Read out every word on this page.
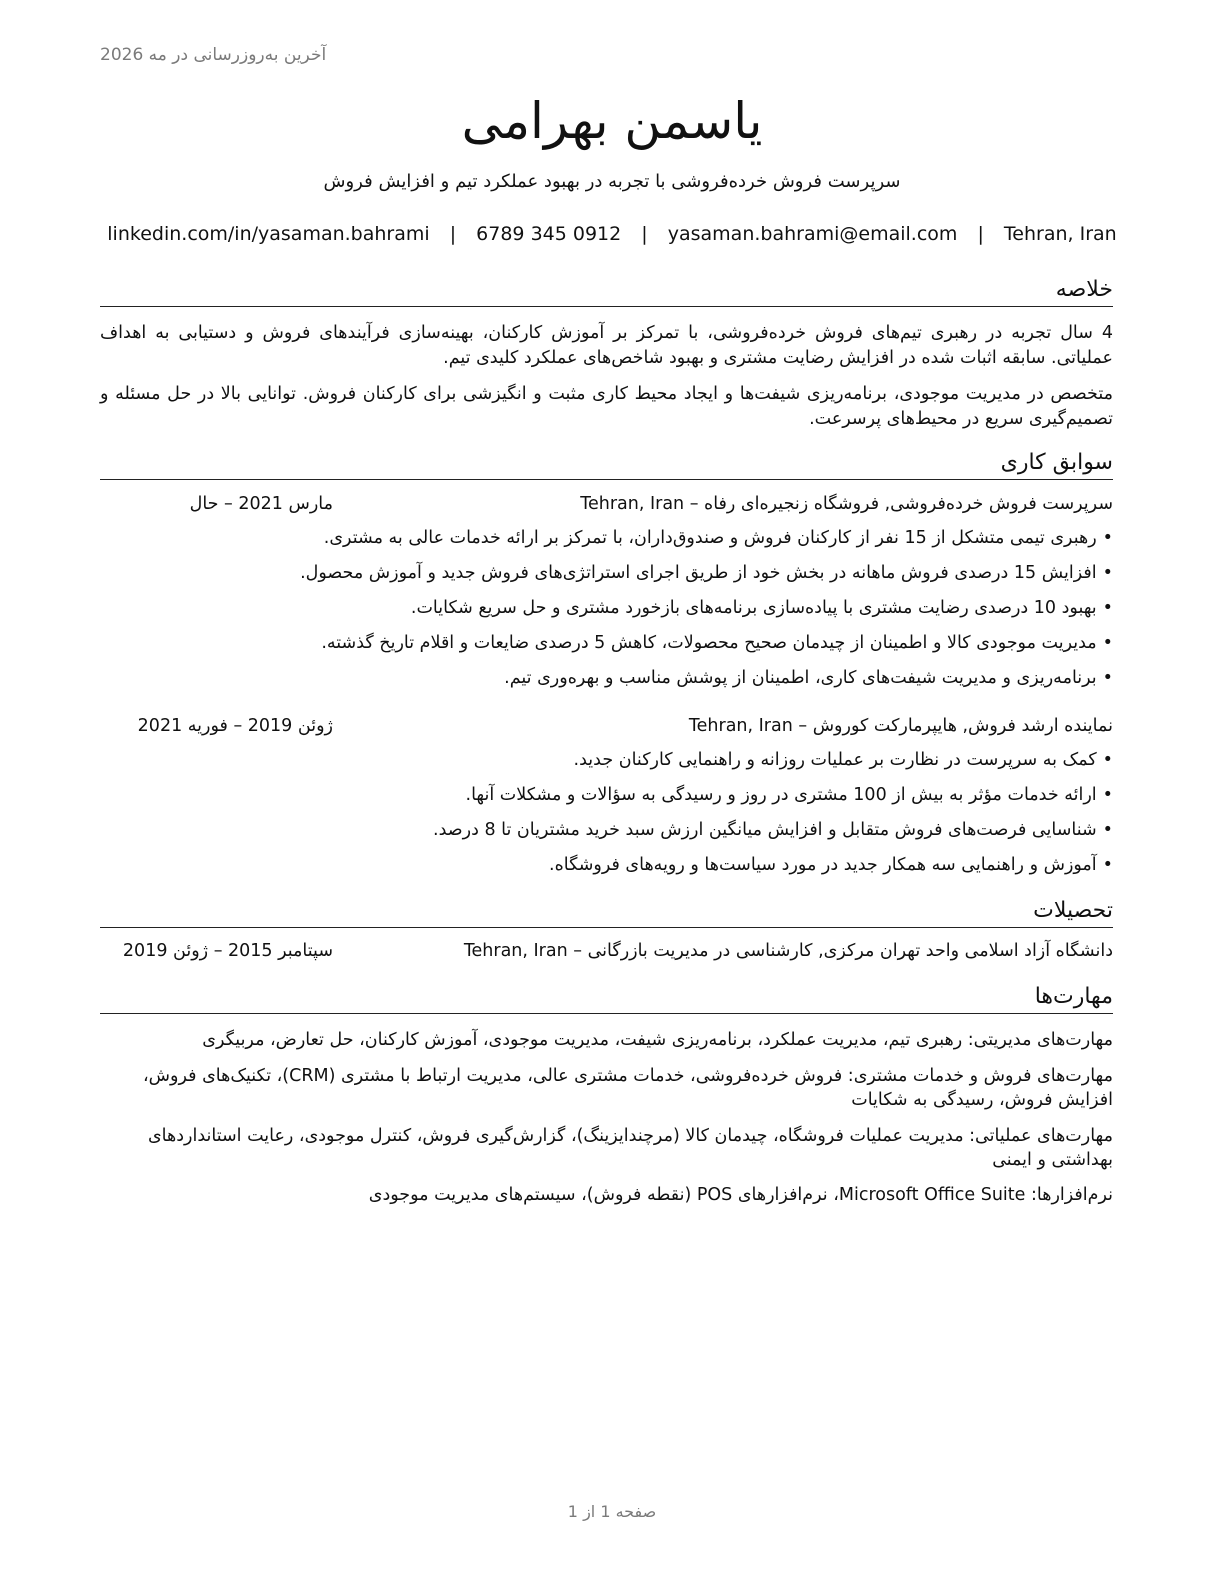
آخرین به‌روزرسانی در مه 2026
یاسمن بهرامی
سرپرست فروش خرده‌فروشی با تجربه در بهبود عملکرد تیم و افزایش فروش
linkedin.com/in/yasaman.bahrami | 6789 345 0912 | yasaman.bahrami@email.com | Tehran, Iran
خلاصه

4 سال تجربه در رهبری تیم‌های فروش خرده‌فروشی، با تمرکز بر آموزش کارکنان، بهینه‌سازی فرآیندهای فروش و دستیابی به اهداف عملیاتی. سابقه اثبات شده در افزایش رضایت مشتری و بهبود شاخص‌های عملکرد کلیدی تیم.

متخصص در مدیریت موجودی، برنامه‌ریزی شیفت‌ها و ایجاد محیط کاری مثبت و انگیزشی برای کارکنان فروش. توانایی بالا در حل مسئله و تصمیم‌گیری سریع در محیط‌های پرسرعت.

سوابق کاری
سرپرست فروش خرده‌فروشی, فروشگاه زنجیره‌ای رفاه – Tehran, Iran
مارس 2021 – حال
•رهبری تیمی متشکل از 15 نفر از کارکنان فروش و صندوق‌داران، با تمرکز بر ارائه خدمات عالی به مشتری.
•افزایش 15 درصدی فروش ماهانه در بخش خود از طریق اجرای استراتژی‌های فروش جدید و آموزش محصول.
•بهبود 10 درصدی رضایت مشتری با پیاده‌سازی برنامه‌های بازخورد مشتری و حل سریع شکایات.
•مدیریت موجودی کالا و اطمینان از چیدمان صحیح محصولات، کاهش 5 درصدی ضایعات و اقلام تاریخ گذشته.
•برنامه‌ریزی و مدیریت شیفت‌های کاری، اطمینان از پوشش مناسب و بهره‌وری تیم.
نماینده ارشد فروش, هایپرمارکت کوروش – Tehran, Iran
ژوئن 2019 – فوریه 2021
•کمک به سرپرست در نظارت بر عملیات روزانه و راهنمایی کارکنان جدید.
•ارائه خدمات مؤثر به بیش از 100 مشتری در روز و رسیدگی به سؤالات و مشکلات آنها.
•شناسایی فرصت‌های فروش متقابل و افزایش میانگین ارزش سبد خرید مشتریان تا 8 درصد.
•آموزش و راهنمایی سه همکار جدید در مورد سیاست‌ها و رویه‌های فروشگاه.
تحصیلات
دانشگاه آزاد اسلامی واحد تهران مرکزی, کارشناسی در مدیریت بازرگانی – Tehran, Iran
سپتامبر 2015 – ژوئن 2019
مهارت‌ها
مهارت‌های مدیریتی: رهبری تیم، مدیریت عملکرد، برنامه‌ریزی شیفت، مدیریت موجودی، آموزش کارکنان، حل تعارض، مربیگری
مهارت‌های فروش و خدمات مشتری: فروش خرده‌فروشی، خدمات مشتری عالی، مدیریت ارتباط با مشتری (CRM)، تکنیک‌های فروش، افزایش فروش، رسیدگی به شکایات
مهارت‌های عملیاتی: مدیریت عملیات فروشگاه، چیدمان کالا (مرچندایزینگ)، گزارش‌گیری فروش، کنترل موجودی، رعایت استانداردهای بهداشتی و ایمنی
نرم‌افزارها: Microsoft Office Suite، نرم‌افزارهای POS (نقطه فروش)، سیستم‌های مدیریت موجودی
صفحه 1 از 1
